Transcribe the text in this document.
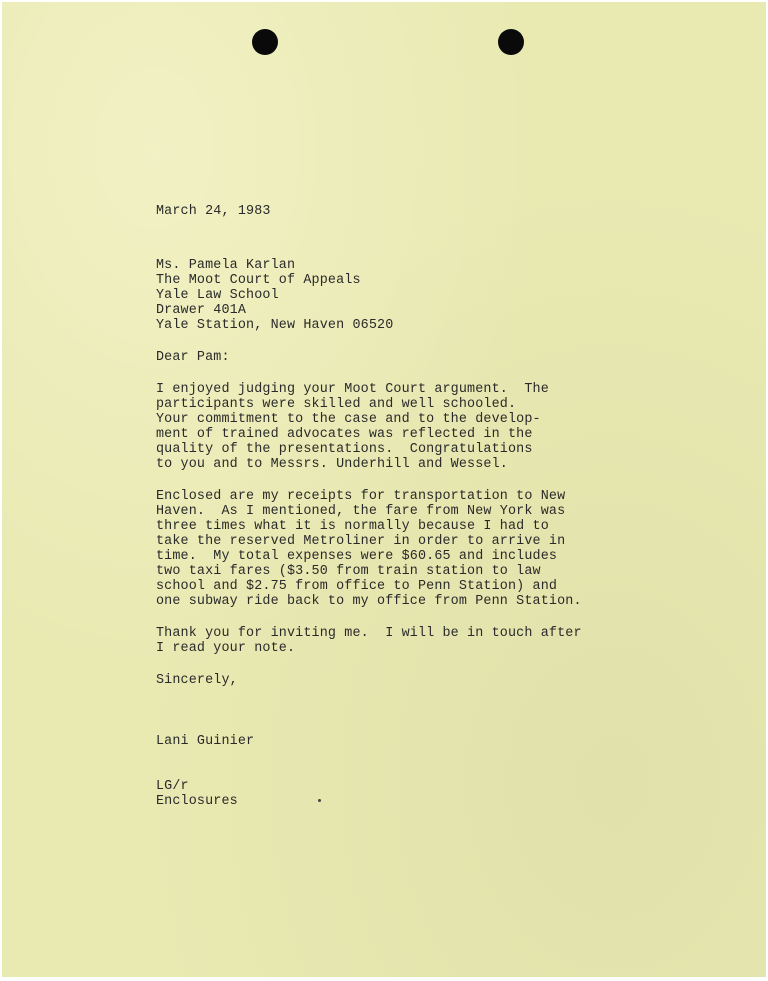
March 24, 1983
Ms. Pamela Karlan
The Moot Court of Appeals
Yale Law School
Drawer 401A
Yale Station, New Haven 06520
Dear Pam:
I enjoyed judging your Moot Court argument.  The
participants were skilled and well schooled.
Your commitment to the case and to the develop-
ment of trained advocates was reflected in the
quality of the presentations.  Congratulations
to you and to Messrs. Underhill and Wessel.
Enclosed are my receipts for transportation to New
Haven.  As I mentioned, the fare from New York was
three times what it is normally because I had to
take the reserved Metroliner in order to arrive in
time.  My total expenses were $60.65 and includes
two taxi fares ($3.50 from train station to law
school and $2.75 from office to Penn Station) and
one subway ride back to my office from Penn Station.
Thank you for inviting me.  I will be in touch after
I read your note.
Sincerely,
Lani Guinier
LG/r
Enclosures
